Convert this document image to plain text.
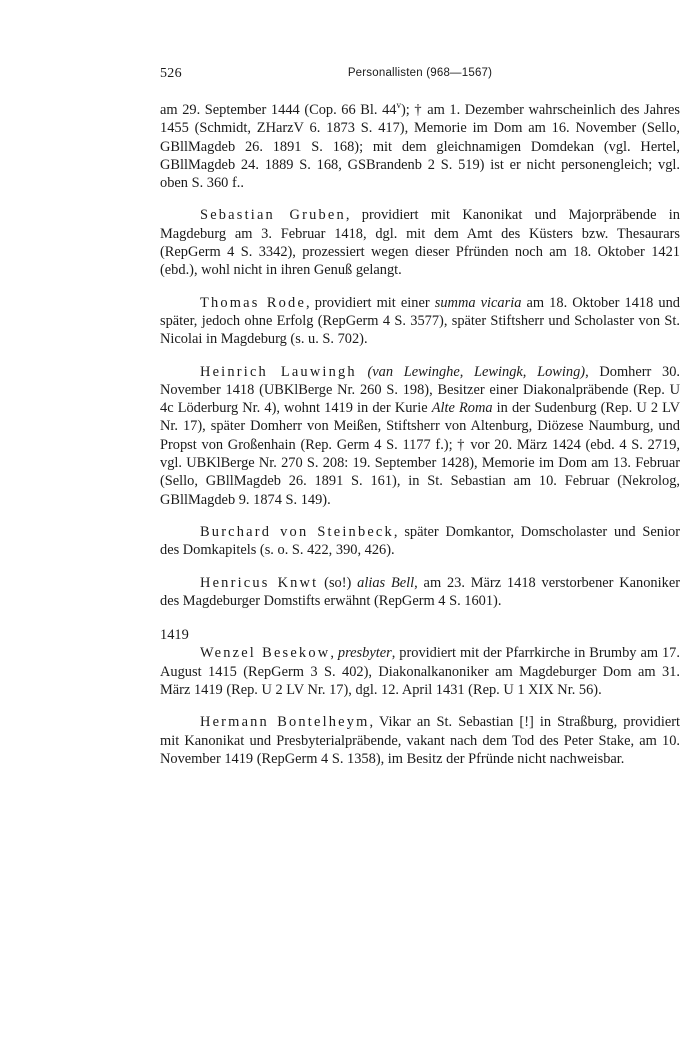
526	Personallisten (968—1567)

am 29. September 1444 (Cop. 66 Bl. 44$^v$); † am 1. Dezember wahrscheinlich des Jahres 1455 (Schmidt, ZHarzV 6. 1873 S. 417), Memorie im Dom am 16. November (Sello, GBllMagdeb 26. 1891 S. 168); mit dem gleichnamigen Domdekan (vgl. Hertel, GBllMagdeb 24. 1889 S. 168, GSBrandenb 2 S. 519) ist er nicht personengleich; vgl. oben S. 360 f..

Sebastian Gruben, providiert mit Kanonikat und Majorpräbende in Magdeburg am 3. Februar 1418, dgl. mit dem Amt des Küsters bzw. Thesaurars (RepGerm 4 S. 3342), prozessiert wegen dieser Pfründen noch am 18. Oktober 1421 (ebd.), wohl nicht in ihren Genuß gelangt.

Thomas Rode, providiert mit einer summa vicaria am 18. Oktober 1418 und später, jedoch ohne Erfolg (RepGerm 4 S. 3577), später Stiftsherr und Scholaster von St. Nicolai in Magdeburg (s. u. S. 702).

Heinrich Lauwingh (van Lewinghe, Lewingk, Lowing), Domherr 30. November 1418 (UBKlBerge Nr. 260 S. 198), Besitzer einer Diakonalpräbende (Rep. U 4c Löderburg Nr. 4), wohnt 1419 in der Kurie Alte Roma in der Sudenburg (Rep. U 2 LV Nr. 17), später Domherr von Meißen, Stiftsherr von Altenburg, Diözese Naumburg, und Propst von Großenhain (Rep. Germ 4 S. 1177 f.); † vor 20. März 1424 (ebd. 4 S. 2719, vgl. UBKlBerge Nr. 270 S. 208: 19. September 1428), Memorie im Dom am 13. Februar (Sello, GBllMagdeb 26. 1891 S. 161), in St. Sebastian am 10. Februar (Nekrolog, GBllMagdeb 9. 1874 S. 149).

Burchard von Steinbeck, später Domkantor, Domscholaster und Senior des Domkapitels (s. o. S. 422, 390, 426).

Henricus Knwt (so!) alias Bell, am 23. März 1418 verstorbener Kanoniker des Magdeburger Domstifts erwähnt (RepGerm 4 S. 1601).

1419

Wenzel Besekow, presbyter, providiert mit der Pfarrkirche in Brumby am 17. August 1415 (RepGerm 3 S. 402), Diakonalkanoniker am Magdeburger Dom am 31. März 1419 (Rep. U 2 LV Nr. 17), dgl. 12. April 1431 (Rep. U 1 XIX Nr. 56).

Hermann Bontelheym, Vikar an St. Sebastian [!] in Straßburg, providiert mit Kanonikat und Presbyterialpräbende, vakant nach dem Tod des Peter Stake, am 10. November 1419 (RepGerm 4 S. 1358), im Besitz der Pfründe nicht nachweisbar.
